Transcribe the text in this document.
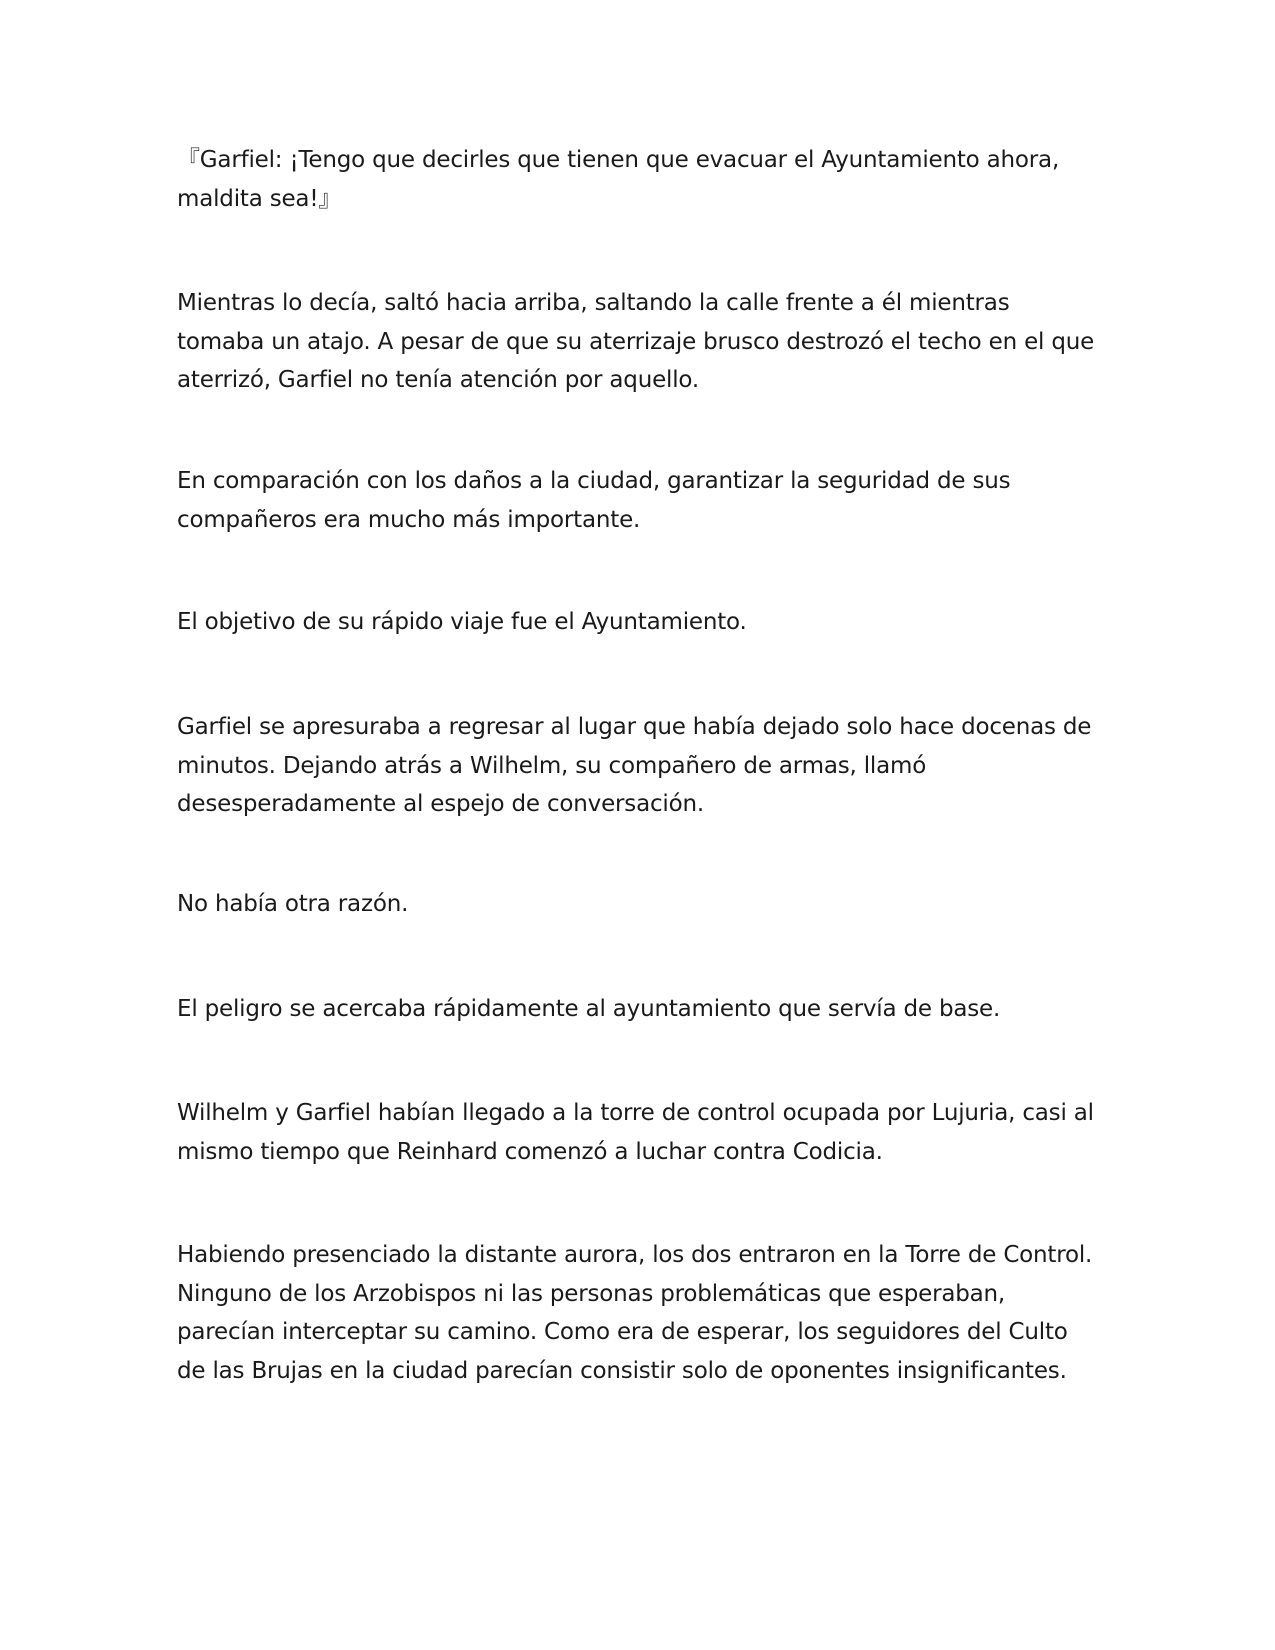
『Garfiel: ¡Tengo que decirles que tienen que evacuar el Ayuntamiento ahora, maldita sea!』

Mientras lo decía, saltó hacia arriba, saltando la calle frente a él mientras tomaba un atajo. A pesar de que su aterrizaje brusco destrozó el techo en el que aterrizó, Garfiel no tenía atención por aquello.

En comparación con los daños a la ciudad, garantizar la seguridad de sus compañeros era mucho más importante.

El objetivo de su rápido viaje fue el Ayuntamiento.

Garfiel se apresuraba a regresar al lugar que había dejado solo hace docenas de minutos. Dejando atrás a Wilhelm, su compañero de armas, llamó desesperadamente al espejo de conversación.

No había otra razón.

El peligro se acercaba rápidamente al ayuntamiento que servía de base.

Wilhelm y Garfiel habían llegado a la torre de control ocupada por Lujuria, casi al mismo tiempo que Reinhard comenzó a luchar contra Codicia.

Habiendo presenciado la distante aurora, los dos entraron en la Torre de Control. Ninguno de los Arzobispos ni las personas problemáticas que esperaban, parecían interceptar su camino. Como era de esperar, los seguidores del Culto de las Brujas en la ciudad parecían consistir solo de oponentes insignificantes.
